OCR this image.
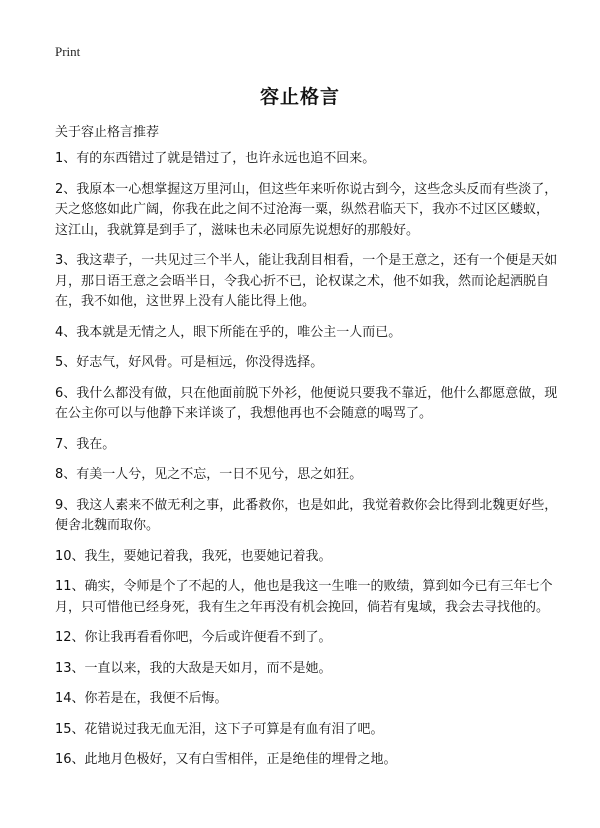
Print
容止格言

关于容止格言推荐

1、有的东西错过了就是错过了，也许永远也追不回来。
2、我原本一心想掌握这万里河山，但这些年来听你说古到今，这些念头反而有些淡了，天之悠悠如此广阔，你我在此之间不过沧海一粟，纵然君临天下，我亦不过区区蝼蚁，这江山，我就算是到手了，滋味也未必同原先说想好的那般好。
3、我这辈子，一共见过三个半人，能让我刮目相看，一个是王意之，还有一个便是天如月，那日语王意之会晤半日，令我心折不已，论权谋之术，他不如我，然而论起洒脱自在，我不如他，这世界上没有人能比得上他。
4、我本就是无情之人，眼下所能在乎的，唯公主一人而已。
5、好志气，好风骨。可是桓远，你没得选择。
6、我什么都没有做，只在他面前脱下外衫，他便说只要我不靠近，他什么都愿意做，现在公主你可以与他静下来详谈了，我想他再也不会随意的喝骂了。
7、我在。
8、有美一人兮，见之不忘，一日不见兮，思之如狂。
9、我这人素来不做无利之事，此番救你，也是如此，我觉着救你会比得到北魏更好些，便舍北魏而取你。
10、我生，要她记着我，我死，也要她记着我。
11、确实，令师是个了不起的人，他也是我这一生唯一的败绩，算到如今已有三年七个月，只可惜他已经身死，我有生之年再没有机会挽回，倘若有鬼域，我会去寻找他的。
12、你让我再看看你吧，今后或许便看不到了。
13、一直以来，我的大敌是天如月，而不是她。
14、你若是在，我便不后悔。
15、花错说过我无血无泪，这下子可算是有血有泪了吧。
16、此地月色极好，又有白雪相伴，正是绝佳的埋骨之地。
